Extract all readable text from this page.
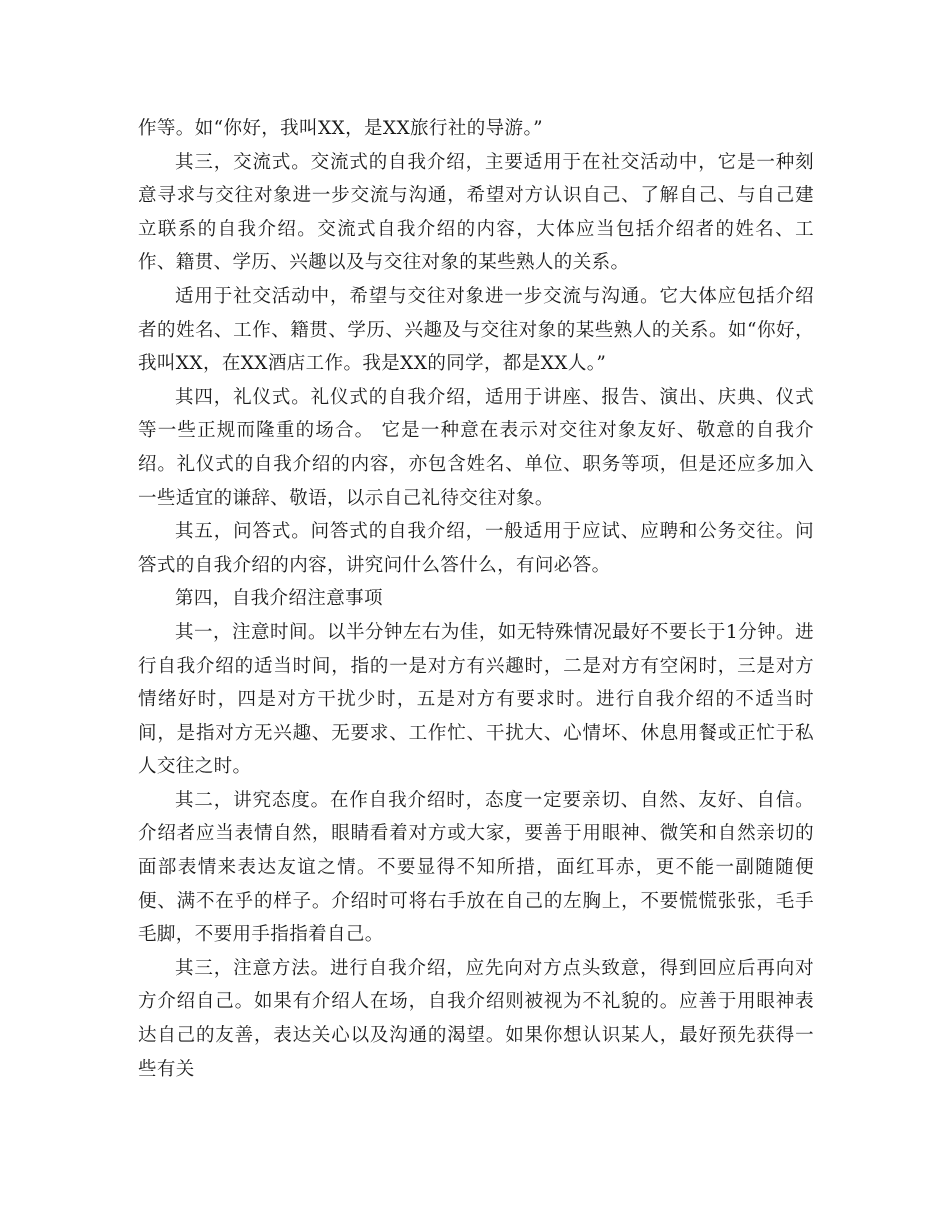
作等。如“你好，我叫XX，是XX旅行社的导游。”

其三，交流式。交流式的自我介绍，主要适用于在社交活动中，它是一种刻意寻求与交往对象进一步交流与沟通，希望对方认识自己、了解自己、与自己建立联系的自我介绍。交流式自我介绍的内容，大体应当包括介绍者的姓名、工作、籍贯、学历、兴趣以及与交往对象的某些熟人的关系。

适用于社交活动中，希望与交往对象进一步交流与沟通。它大体应包括介绍者的姓名、工作、籍贯、学历、兴趣及与交往对象的某些熟人的关系。如“你好，我叫XX，在XX酒店工作。我是XX的同学，都是XX人。”

其四，礼仪式。礼仪式的自我介绍，适用于讲座、报告、演出、庆典、仪式等一些正规而隆重的场合。 它是一种意在表示对交往对象友好、敬意的自我介绍。礼仪式的自我介绍的内容，亦包含姓名、单位、职务等项，但是还应多加入一些适宜的谦辞、敬语，以示自己礼待交往对象。

其五，问答式。问答式的自我介绍，一般适用于应试、应聘和公务交往。问答式的自我介绍的内容，讲究问什么答什么，有问必答。

第四，自我介绍注意事项

其一，注意时间。以半分钟左右为佳，如无特殊情况最好不要长于1分钟。进行自我介绍的适当时间，指的一是对方有兴趣时，二是对方有空闲时，三是对方情绪好时，四是对方干扰少时，五是对方有要求时。进行自我介绍的不适当时间，是指对方无兴趣、无要求、工作忙、干扰大、心情坏、休息用餐或正忙于私人交往之时。

其二，讲究态度。在作自我介绍时，态度一定要亲切、自然、友好、自信。介绍者应当表情自然，眼睛看着对方或大家，要善于用眼神、微笑和自然亲切的面部表情来表达友谊之情。不要显得不知所措，面红耳赤，更不能一副随随便便、满不在乎的样子。介绍时可将右手放在自己的左胸上，不要慌慌张张，毛手毛脚，不要用手指指着自己。

其三，注意方法。进行自我介绍，应先向对方点头致意，得到回应后再向对方介绍自己。如果有介绍人在场，自我介绍则被视为不礼貌的。应善于用眼神表达自己的友善，表达关心以及沟通的渴望。如果你想认识某人，最好预先获得一些有关
